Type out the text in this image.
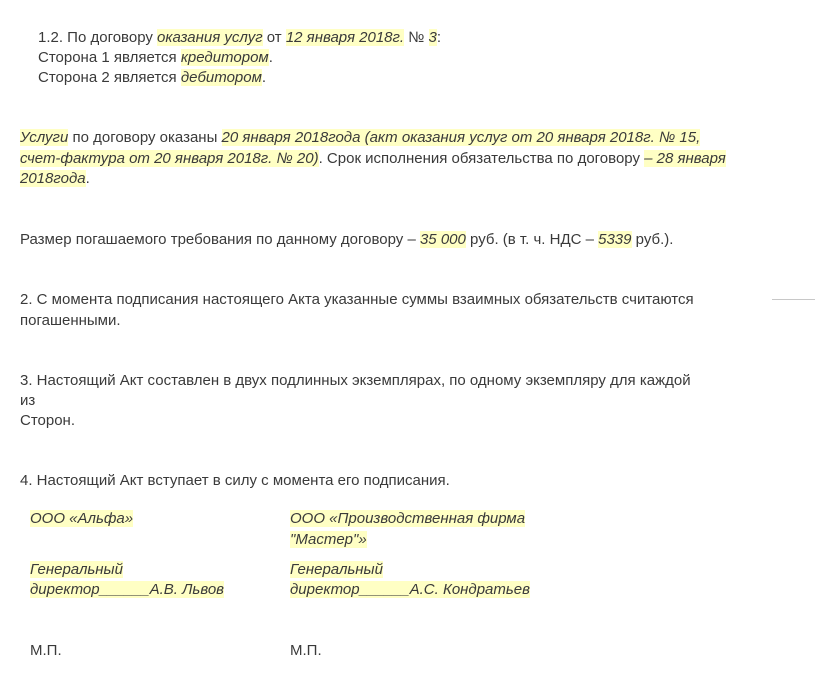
1.2. По договору оказания услуг от 12 января 2018г. № 3:
Сторона 1 является кредитором.
Сторона 2 является дебитором.
Услуги по договору оказаны 20 января 2018года (акт оказания услуг от 20 января 2018г. № 15,
счет-фактура от 20 января 2018г. № 20). Срок исполнения обязательства по договору – 28 января
2018года.
Размер погашаемого требования по данному договору – 35 000 руб. (в т. ч. НДС – 5339 руб.).
2. С момента подписания настоящего Акта указанные суммы взаимных обязательств считаются
погашенными.
3. Настоящий Акт составлен в двух подлинных экземплярах, по одному экземпляру для каждой
из
Сторон.
4. Настоящий Акт вступает в силу с момента его подписания.
ООО «Альфа»
Генеральный
директор______А.В. Львов
М.П.
ООО «Производственная фирма
"Мастер"»
Генеральный
директор______А.С. Кондратьев
М.П.
